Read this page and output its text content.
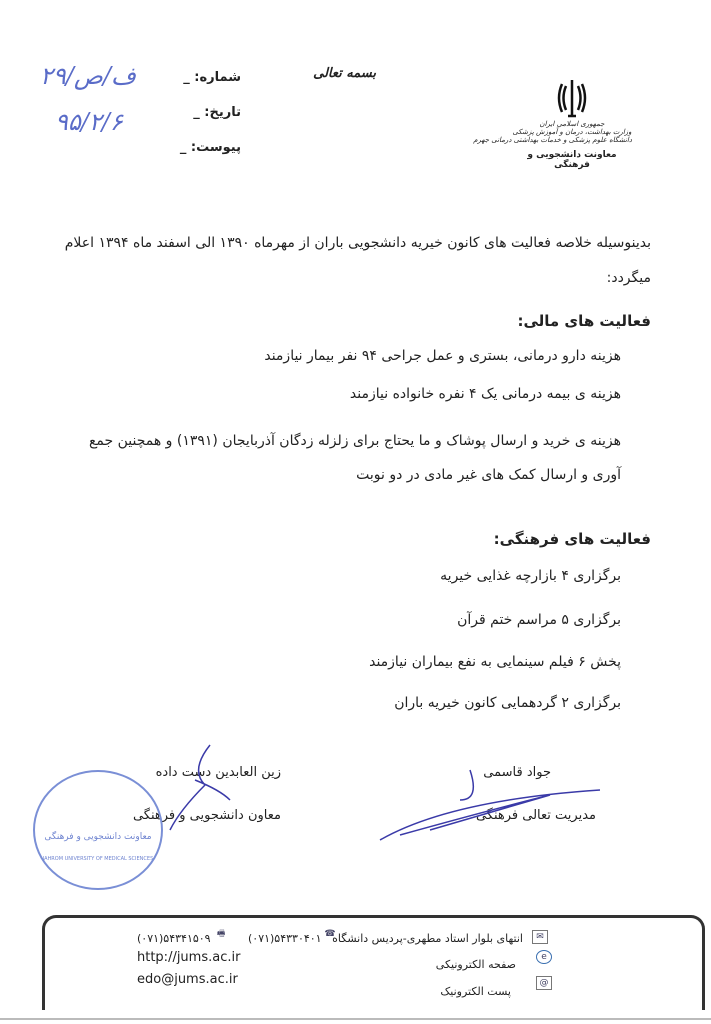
۲۹/ف/ص
۹۵/۲/۶
شماره: _
تاریخ: _
پیوست: _
بسمه تعالی
جمهوری اسلامی ایران
وزارت بهداشت، درمان و آموزش پزشکی
دانشگاه علوم پزشکی و خدمات بهداشتی درمانی جهرم
معاونت دانشجویی و فرهنگی
بدینوسیله خلاصه فعالیت های کانون خیریه دانشجویی باران از مهرماه ۱۳۹۰ الی اسفند ماه ۱۳۹۴ اعلام
میگردد:
فعالیت های مالی:
هزینه دارو درمانی، بستری و عمل جراحی ۹۴ نفر بیمار نیازمند
هزینه ی بیمه درمانی یک ۴ نفره خانواده نیازمند
هزینه ی خرید و ارسال پوشاک و ما یحتاج برای زلزله زدگان آذربایجان (۱۳۹۱) و همچنین جمع
آوری و ارسال کمک های غیر مادی در دو نوبت
فعالیت های فرهنگی:
برگزاری ۴ بازارچه غذایی خیریه
برگزاری ۵ مراسم ختم قرآن
پخش ۶ فیلم سینمایی به نفع بیماران نیازمند
برگزاری ۲ گردهمایی کانون خیریه باران
جواد قاسمی
مدیریت تعالی فرهنگی
زین العابدین دست داده
معاون دانشجویی و فرهنگی
معاونت دانشجویی و فرهنگی
JAHROM UNIVERSITY OF MEDICAL SCIENCES
✉
انتهای بلوار استاد مطهری-پردیس دانشگاه
☎
(۰۷۱)۵۴۳۳۰۴۰۱
🖷
(۰۷۱)۵۴۳۴۱۵۰۹
e
صفحه الکترونیکی
http://jums.ac.ir
@
پست الکترونیک
edo@jums.ac.ir
